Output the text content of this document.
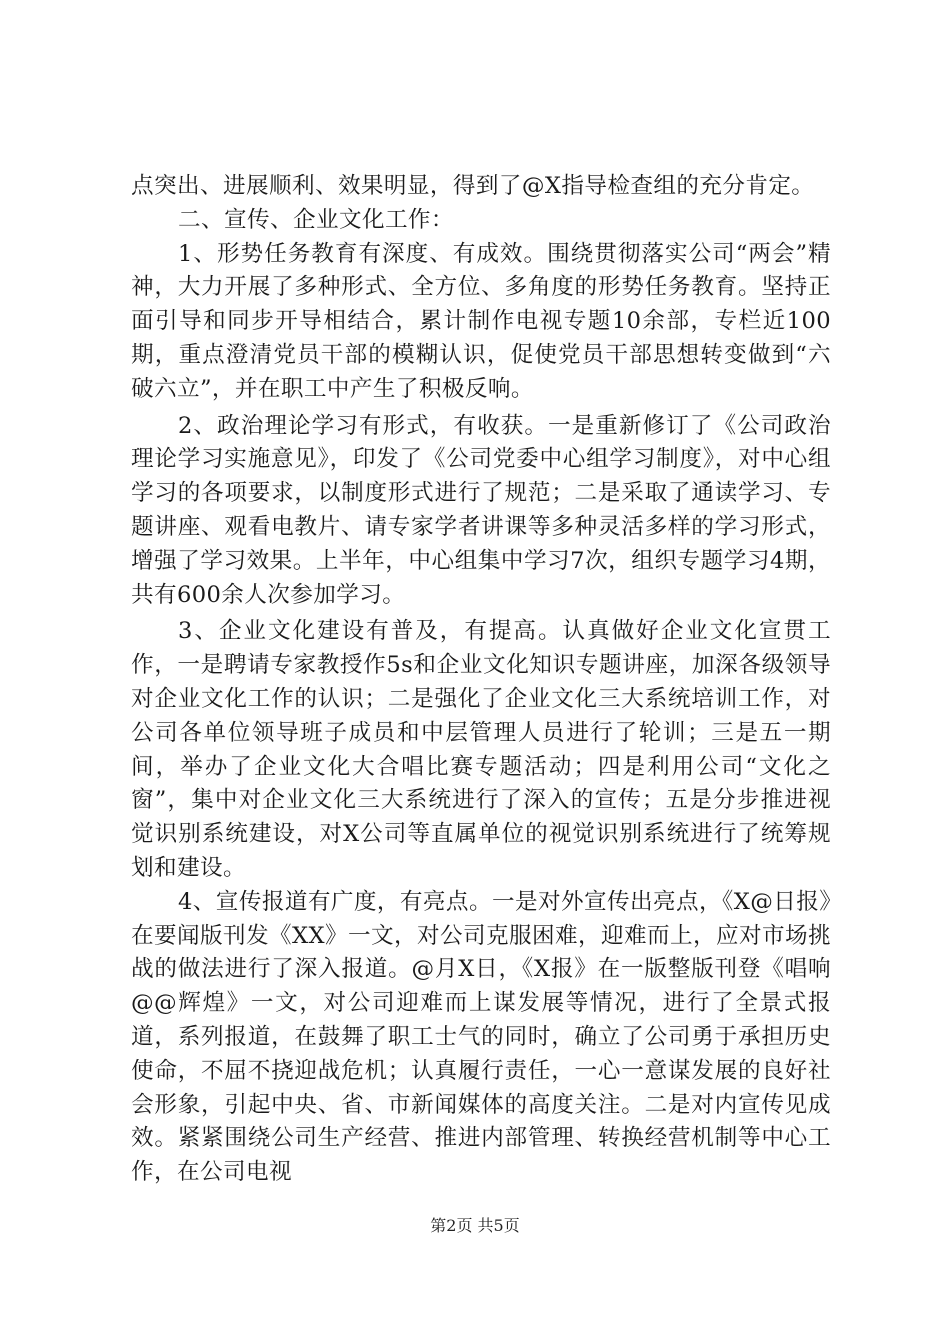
点突出、进展顺利、效果明显，得到了@X指导检查组的充分肯定。

二、宣传、企业文化工作：

1、形势任务教育有深度、有成效。围绕贯彻落实公司“两会”精神，大力开展了多种形式、全方位、多角度的形势任务教育。坚持正面引导和同步开导相结合，累计制作电视专题10余部，专栏近100期，重点澄清党员干部的模糊认识，促使党员干部思想转变做到“六破六立”，并在职工中产生了积极反响。

2、政治理论学习有形式，有收获。一是重新修订了《公司政治理论学习实施意见》，印发了《公司党委中心组学习制度》，对中心组学习的各项要求，以制度形式进行了规范；二是采取了通读学习、专题讲座、观看电教片、请专家学者讲课等多种灵活多样的学习形式，增强了学习效果。上半年，中心组集中学习7次，组织专题学习4期，共有600余人次参加学习。

3、企业文化建设有普及，有提高。认真做好企业文化宣贯工作，一是聘请专家教授作5s和企业文化知识专题讲座，加深各级领导对企业文化工作的认识；二是强化了企业文化三大系统培训工作，对公司各单位领导班子成员和中层管理人员进行了轮训；三是五一期间，举办了企业文化大合唱比赛专题活动；四是利用公司“文化之窗”，集中对企业文化三大系统进行了深入的宣传；五是分步推进视觉识别系统建设，对X公司等直属单位的视觉识别系统进行了统筹规划和建设。

4、宣传报道有广度，有亮点。一是对外宣传出亮点，《X@日报》在要闻版刊发《XX》一文，对公司克服困难，迎难而上，应对市场挑战的做法进行了深入报道。@月X日，《X报》在一版整版刊登《唱响@@辉煌》一文，对公司迎难而上谋发展等情况，进行了全景式报道，系列报道，在鼓舞了职工士气的同时，确立了公司勇于承担历史使命，不屈不挠迎战危机；认真履行责任，一心一意谋发展的良好社会形象，引起中央、省、市新闻媒体的高度关注。二是对内宣传见成效。紧紧围绕公司生产经营、推进内部管理、转换经营机制等中心工作，在公司电视

第2页 共5页
